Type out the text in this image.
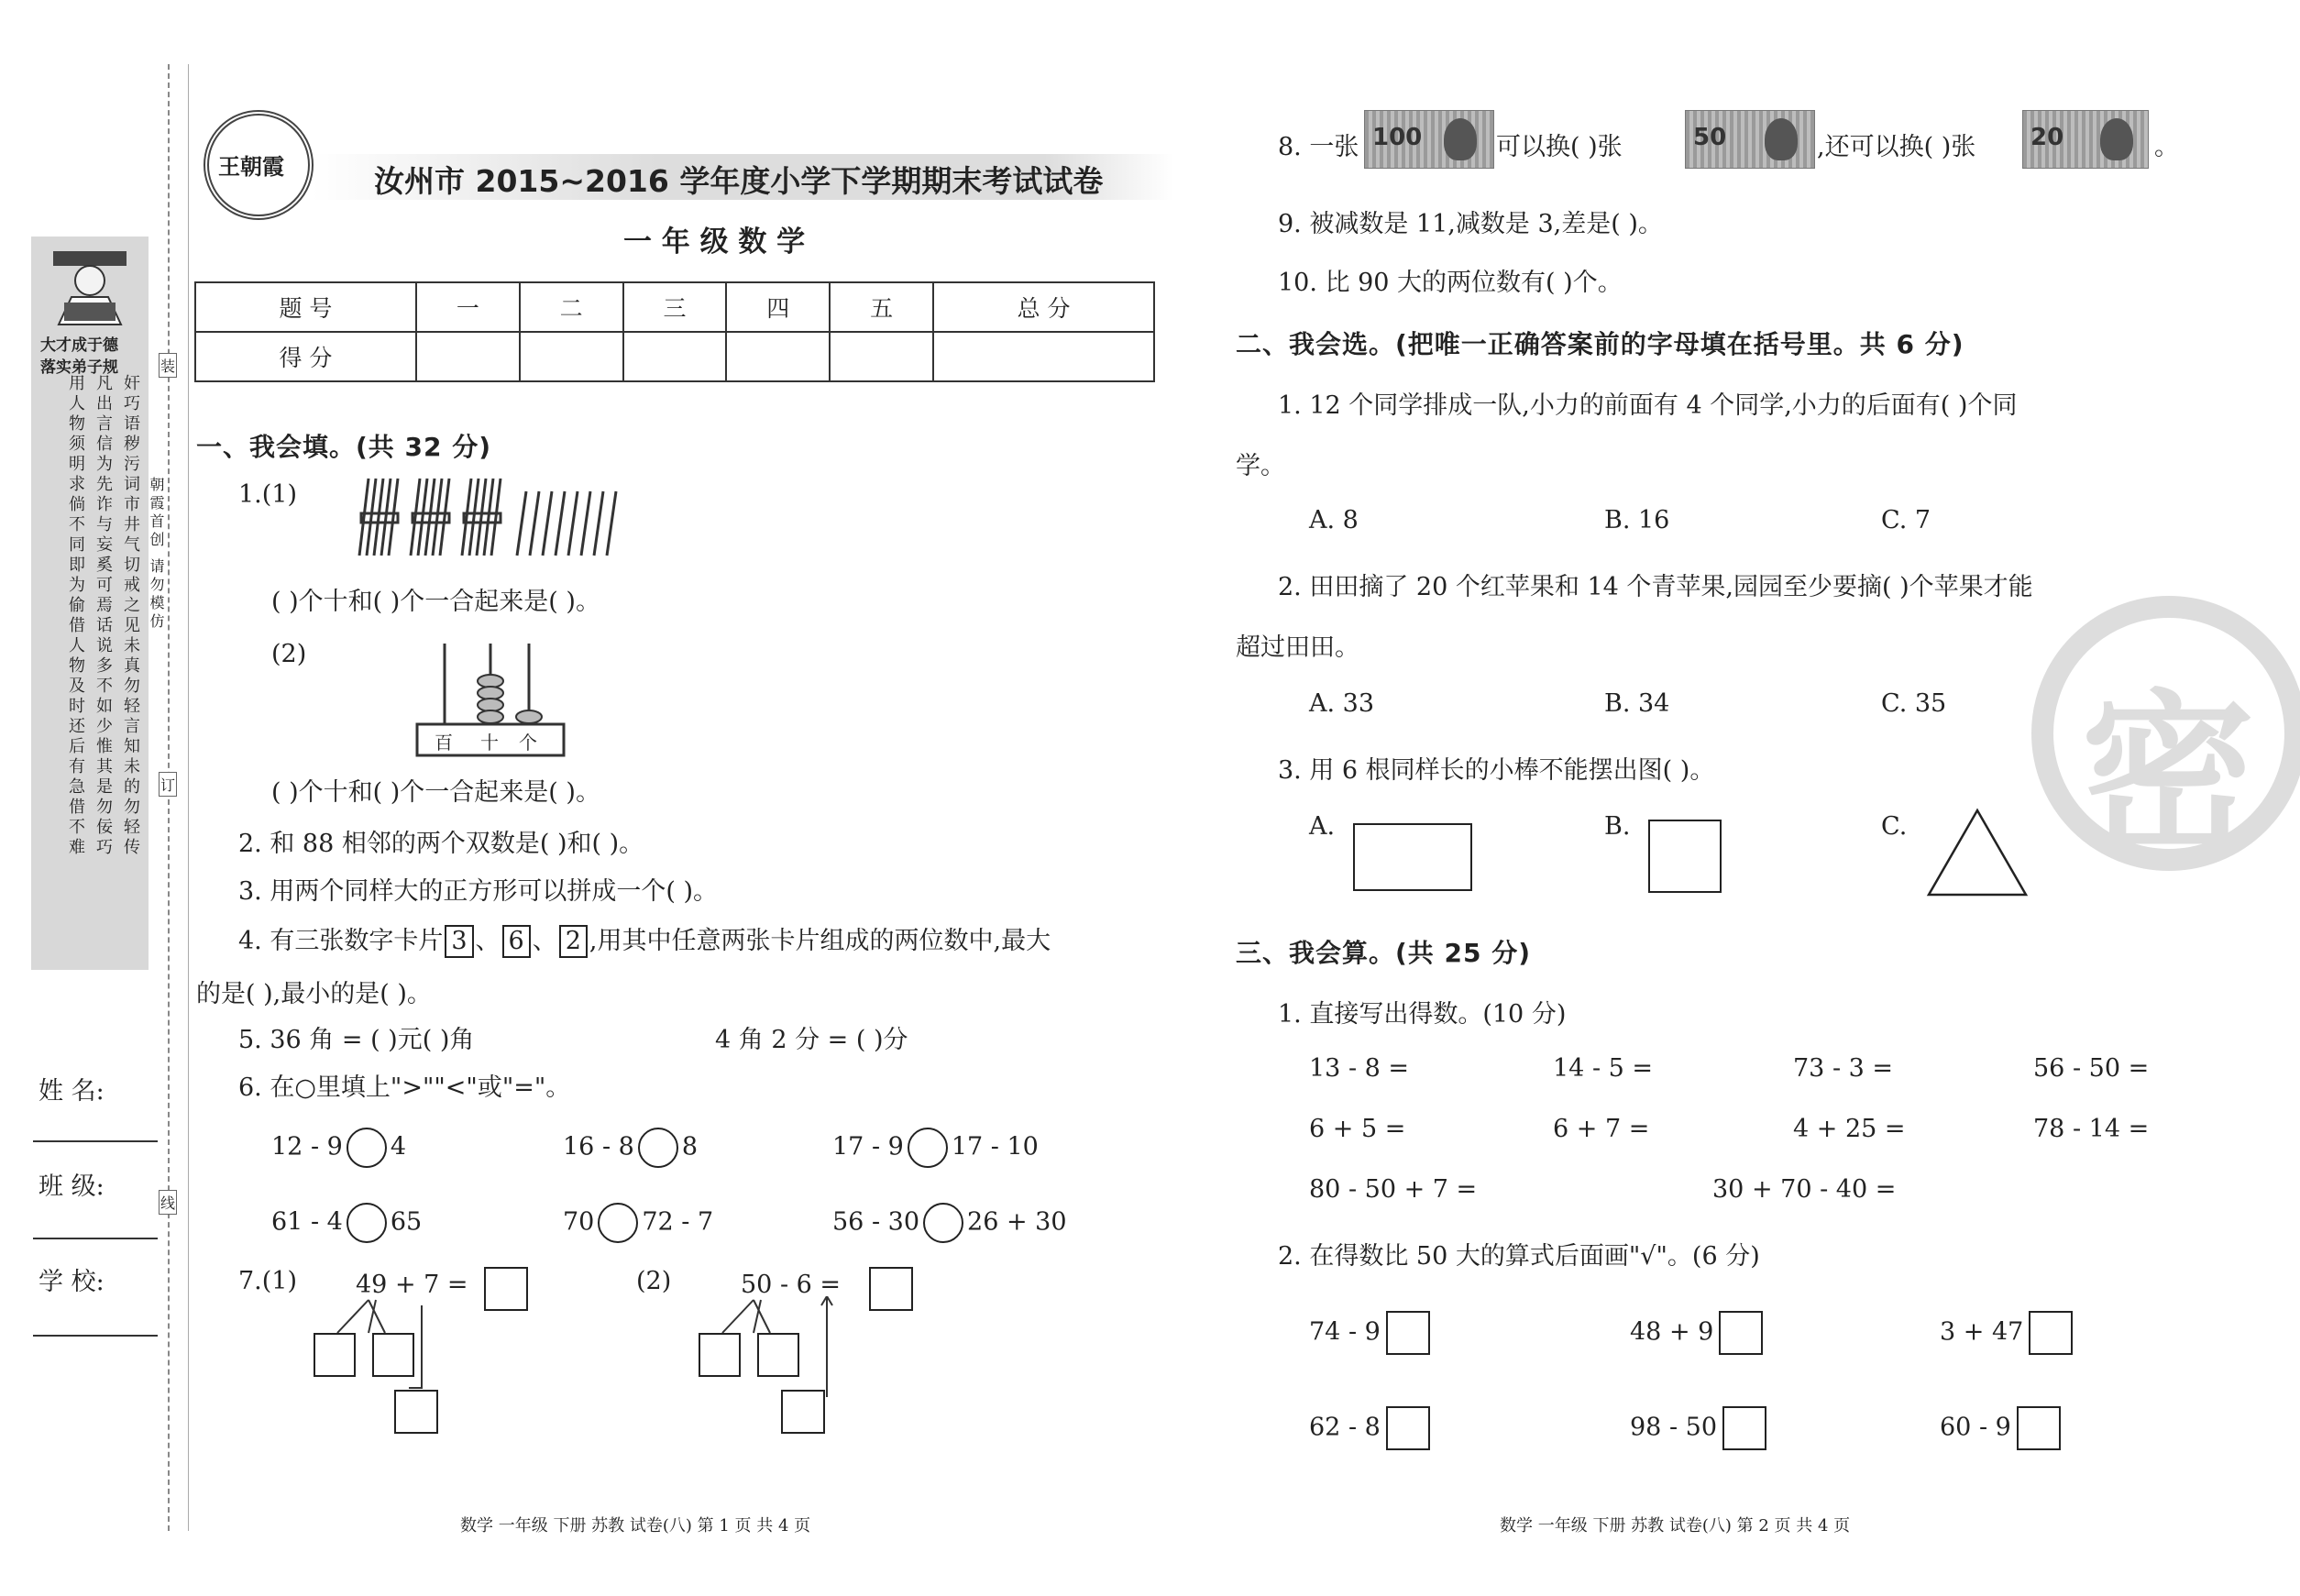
大才成于德
落实弟子规
奸巧语秽污词市井气切戒之见未真勿轻言知未的勿轻传
凡出言信为先诈与妄奚可焉话说多不如少惟其是勿佞巧
用人物须明求倘不同即为偷借人物及时还后有急借不难	朝霞首创 请勿模仿
装
订
线
姓 名:
班 级:
学 校:
王朝霞	汝州市 2015~2016 学年度小学下学期期末考试试卷
一 年 级 数 学
题 号	一	二	三	四	五	总 分
得 分						
一、我会填。(共 32 分)
1.(1)
( )个十和( )个一合起来是( )。
(2)
百 十 个
( )个十和( )个一合起来是( )。
2. 和 88 相邻的两个双数是( )和( )。
3. 用两个同样大的正方形可以拼成一个( )。
4. 有三张数字卡片 3 、 6 、 2 ,用其中任意两张卡片组成的两位数中,最大
的是( ),最小的是( )。
5. 36 角 = ( )元( )角	4 角 2 分 = ( )分
6. 在○里填上">""<"或"="。
12 - 9 4	16 - 8 8	17 - 9 17 - 10
61 - 4 65	70 72 - 7	56 - 30 26 + 30
7.(1) 49 + 7 =	(2)	50 - 6 =
数学 一年级 下册 苏教 试卷(八) 第 1 页 共 4 页
密
8. 一张 100	可以换( )张	50	,还可以换( )张 20	。
9. 被减数是 11,减数是 3,差是( )。
10. 比 90 大的两位数有( )个。
二、我会选。(把唯一正确答案前的字母填在括号里。共 6 分)
1. 12 个同学排成一队,小力的前面有 4 个同学,小力的后面有( )个同
学。
A. 8	B. 16	C. 7
2. 田田摘了 20 个红苹果和 14 个青苹果,园园至少要摘( )个苹果才能
超过田田。
A. 33	B. 34	C. 35
3. 用 6 根同样长的小棒不能摆出图( )。
A.	B.	C.
三、我会算。(共 25 分)
1. 直接写出得数。(10 分)
13 - 8 =	14 - 5 =	73 - 3 =	56 - 50 =
6 + 5 =	6 + 7 =	4 + 25 =	78 - 14 =
80 - 50 + 7 =	30 + 70 - 40 =
2. 在得数比 50 大的算式后面画"√"。(6 分)
74 - 9	48 + 9	3 + 47
62 - 8	98 - 50	60 - 9
数学 一年级 下册 苏教 试卷(八) 第 2 页 共 4 页
